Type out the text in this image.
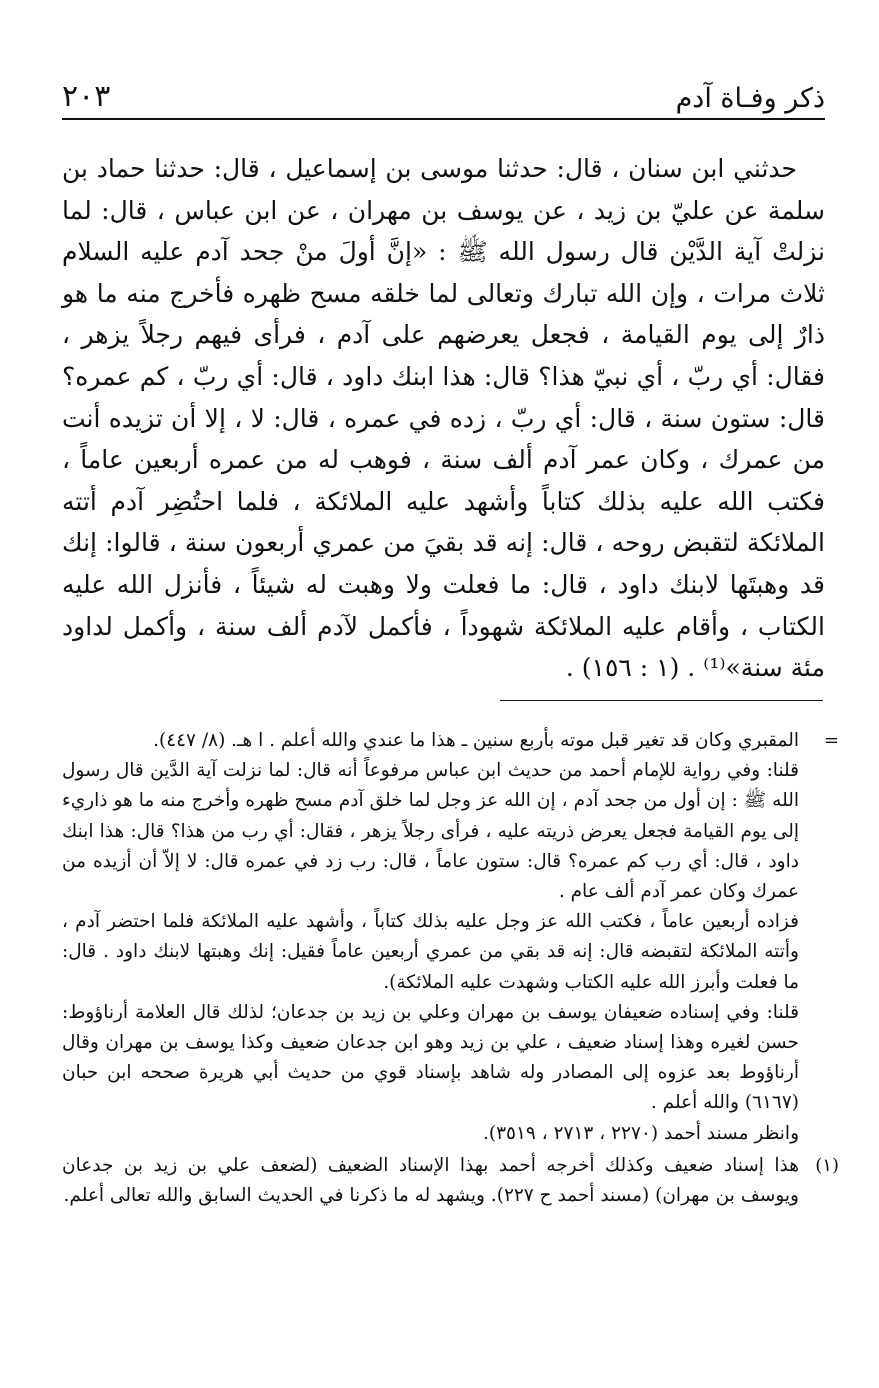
٢٠٣	ذكر وفـاة آدم

حدثني ابن سنان ، قال: حدثنا موسى بن إسماعيل ، قال: حدثنا حماد بن سلمة عن عليّ بن زيد ، عن يوسف بن مهران ، عن ابن عباس ، قال: لما نزلتْ آية الدَّيْن قال رسول الله ﷺ : «إنَّ أولَ منْ جحد آدم عليه السلام ثلاث مرات ، وإن الله تبارك وتعالى لما خلقه مسح ظهره فأخرج منه ما هو ذارٌ إلى يوم القيامة ، فجعل يعرضهم على آدم ، فرأى فيهم رجلاً يزهر ، فقال: أي ربّ ، أي نبيّ هذا؟ قال: هذا ابنك داود ، قال: أي ربّ ، كم عمره؟ قال: ستون سنة ، قال: أي ربّ ، زده في عمره ، قال: لا ، إلا أن تزيده أنت من عمرك ، وكان عمر آدم ألف سنة ، فوهب له من عمره أربعين عاماً ، فكتب الله عليه بذلك كتاباً وأشهد عليه الملائكة ، فلما احتُضِر آدم أتته الملائكة لتقبض روحه ، قال: إنه قد بقيَ من عمري أربعون سنة ، قالوا: إنك قد وهبتَها لابنك داود ، قال: ما فعلت ولا وهبت له شيئاً ، فأنزل الله عليه الكتاب ، وأقام عليه الملائكة شهوداً ، فأكمل لآدم ألف سنة ، وأكمل لداود مئة سنة»⁽¹⁾ . (١ : ١٥٦) .

=

المقبري وكان قد تغير قبل موته بأربع سنين ـ هذا ما عندي والله أعلم . ا هـ. (٨/ ٤٤٧).

قلنا: وفي رواية للإمام أحمد من حديث ابن عباس مرفوعاً أنه قال: لما نزلت آية الدَّين قال رسول الله ﷺ : إن أول من جحد آدم ، إن الله عز وجل لما خلق آدم مسح ظهره وأخرج منه ما هو ذاريء إلى يوم القيامة فجعل يعرض ذريته عليه ، فرأى رجلاً يزهر ، فقال: أي رب من هذا؟ قال: هذا ابنك داود ، قال: أي رب كم عمره؟ قال: ستون عاماً ، قال: رب زد في عمره قال: لا إلاّ أن أزيده من عمرك وكان عمر آدم ألف عام .

فزاده أربعين عاماً ، فكتب الله عز وجل عليه بذلك كتاباً ، وأشهد عليه الملائكة فلما احتضر آدم ، وأتته الملائكة لتقبضه قال: إنه قد بقي من عمري أربعين عاماً فقيل: إنك وهبتها لابنك داود . قال: ما فعلت وأبرز الله عليه الكتاب وشهدت عليه الملائكة).

قلنا: وفي إسناده ضعيفان يوسف بن مهران وعلي بن زيد بن جدعان؛ لذلك قال العلامة أرناؤوط: حسن لغيره وهذا إسناد ضعيف ، علي بن زيد وهو ابن جدعان ضعيف وكذا يوسف بن مهران وقال أرناؤوط بعد عزوه إلى المصادر وله شاهد بإسناد قوي من حديث أبي هريرة صححه ابن حبان (٦١٦٧) والله أعلم .

وانظر مسند أحمد (٢٢٧٠ ، ٢٧١٣ ، ٣٥١٩).

(١)

هذا إسناد ضعيف وكذلك أخرجه أحمد بهذا الإسناد الضعيف (لضعف علي بن زيد بن جدعان ويوسف بن مهران) (مسند أحمد ح ٢٢٧). ويشهد له ما ذكرنا في الحديث السابق والله تعالى أعلم.
